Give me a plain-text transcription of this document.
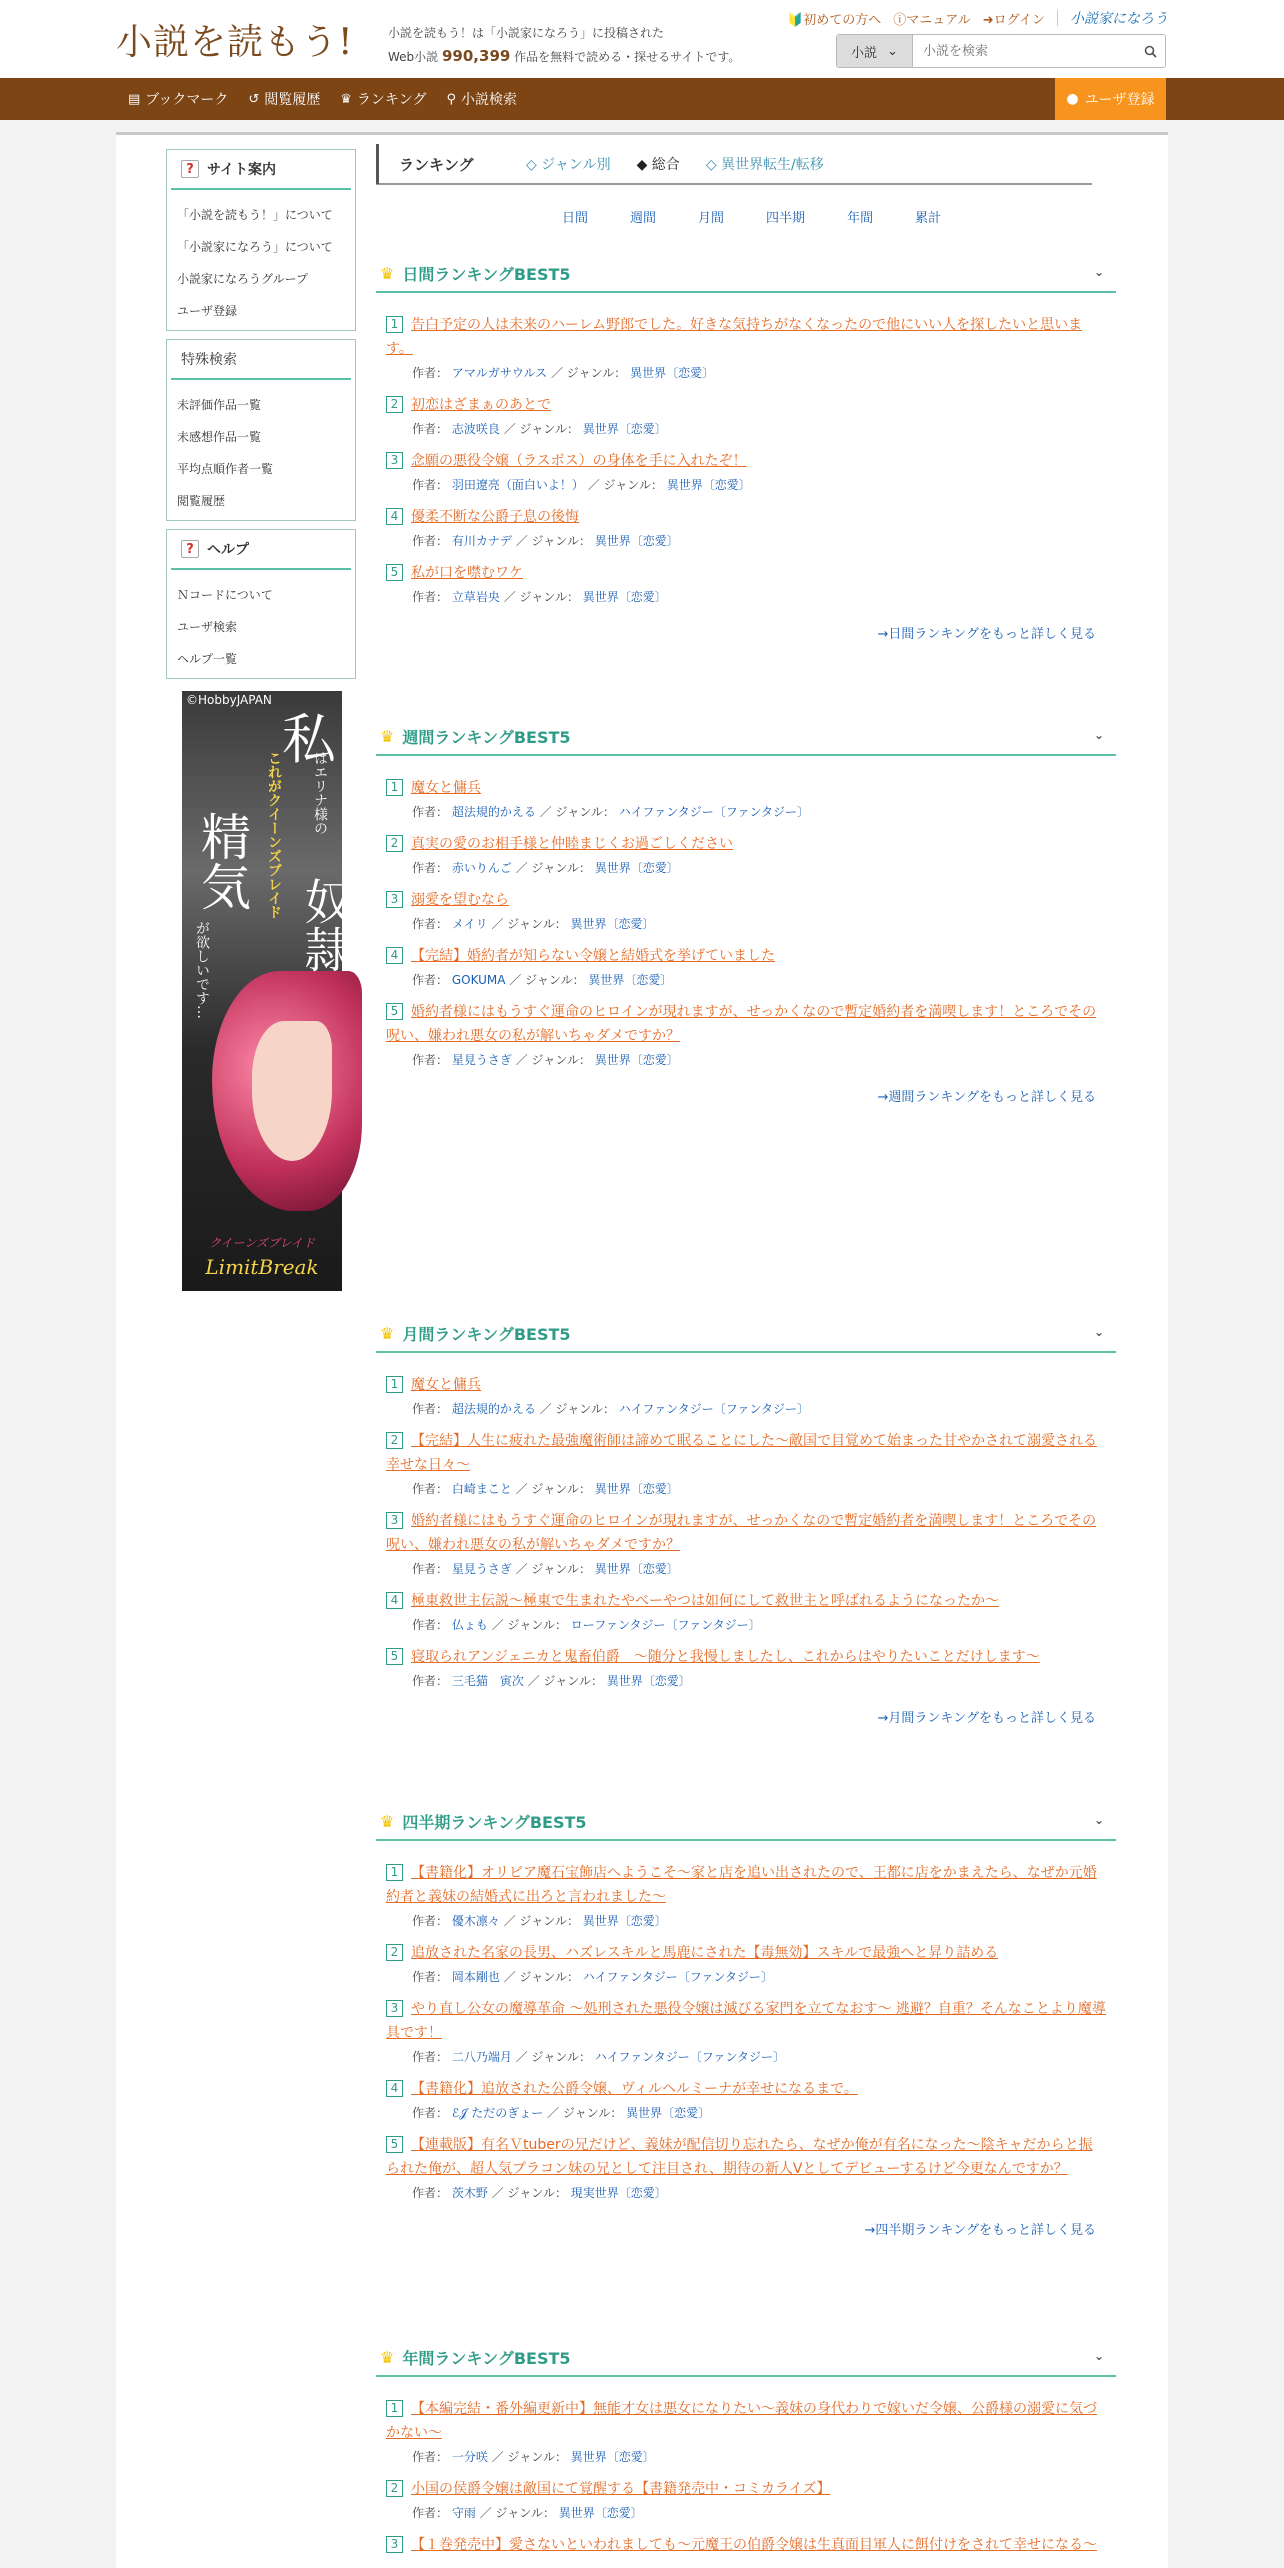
小説を読もう!	小説を読もう！は「小説家になろう」に投稿された
Web小説 990,399 作品を無料で読める・探せるサイトです。
🔰初めての方へ ⓘマニュアル ➜ログイン 小説家になろう
小説 ⌄
小説を検索
▤ ブックマーク ↺ 閲覧履歴 ♛ ランキング ⚲ 小説検索	● ユーザ登録
? サイト案内
「小説を読もう！」について
「小説家になろう」について
小説家になろうグループ
ユーザ登録
特殊検索
未評価作品一覧
未感想作品一覧
平均点順作者一覧
閲覧履歴
? ヘルプ
Ｎコードについて
ユーザ検索
ヘルプ一覧
©HobbyJAPAN
私
はエリナ様の
これがクイーンズブレイド
奴隷
精気
が欲しいです…
クイーンズブレイド
LimitBreak
ランキング	◇ ジャンル別 ◆ 総合 ◇ 異世界転生/転移
日間	週間	月間	四半期	年間	累計
♛ 日間ランキングBEST5	⌄
1 告白予定の人は未来のハーレム野郎でした。好きな気持ちがなくなったので他にいい人を探したいと思います。
作者： アマルガサウルス ／ ジャンル： 異世界〔恋愛〕
2 初恋はざまぁのあとで
作者： 志波咲良 ／ ジャンル： 異世界〔恋愛〕
3 念願の悪役令嬢（ラスボス）の身体を手に入れたぞ！
作者： 羽田遼亮（面白いよ！） ／ ジャンル： 異世界〔恋愛〕
4 優柔不断な公爵子息の後悔
作者： 有川カナデ ／ ジャンル： 異世界〔恋愛〕
5 私が口を噤むワケ
作者： 立草岩央 ／ ジャンル： 異世界〔恋愛〕
→日間ランキングをもっと詳しく見る
♛ 週間ランキングBEST5	⌄
1 魔女と傭兵
作者： 超法規的かえる ／ ジャンル： ハイファンタジー〔ファンタジー〕
2 真実の愛のお相手様と仲睦まじくお過ごしください
作者： 赤いりんご ／ ジャンル： 異世界〔恋愛〕
3 溺愛を望むなら
作者： メイリ ／ ジャンル： 異世界〔恋愛〕
4 【完結】婚約者が知らない令嬢と結婚式を挙げていました
作者： GOKUMA ／ ジャンル： 異世界〔恋愛〕
5 婚約者様にはもうすぐ運命のヒロインが現れますが、せっかくなので暫定婚約者を満喫します！ところでその呪い、嫌われ悪女の私が解いちゃダメですか？
作者： 星見うさぎ ／ ジャンル： 異世界〔恋愛〕
→週間ランキングをもっと詳しく見る
♛ 月間ランキングBEST5	⌄
1 魔女と傭兵
作者： 超法規的かえる ／ ジャンル： ハイファンタジー〔ファンタジー〕
2 【完結】人生に疲れた最強魔術師は諦めて眠ることにした〜敵国で目覚めて始まった甘やかされて溺愛される幸せな日々〜
作者： 白崎まこと ／ ジャンル： 異世界〔恋愛〕
3 婚約者様にはもうすぐ運命のヒロインが現れますが、せっかくなので暫定婚約者を満喫します！ところでその呪い、嫌われ悪女の私が解いちゃダメですか？
作者： 星見うさぎ ／ ジャンル： 異世界〔恋愛〕
4 極東救世主伝説～極東で生まれたやべーやつは如何にして救世主と呼ばれるようになったか～
作者： 仏ょも ／ ジャンル： ローファンタジー〔ファンタジー〕
5 寝取られアンジェニカと鬼畜伯爵　～随分と我慢しましたし、これからはやりたいことだけします～
作者： 三毛猫　寅次 ／ ジャンル： 異世界〔恋愛〕
→月間ランキングをもっと詳しく見る
♛ 四半期ランキングBEST5	⌄
1 【書籍化】オリビア魔石宝飾店へようこそ～家と店を追い出されたので、王都に店をかまえたら、なぜか元婚約者と義妹の結婚式に出ろと言われました～
作者： 優木凛々 ／ ジャンル： 異世界〔恋愛〕
2 追放された名家の長男、ハズレスキルと馬鹿にされた【毒無効】スキルで最強へと昇り詰める
作者： 岡本剛也 ／ ジャンル： ハイファンタジー〔ファンタジー〕
3 やり直し公女の魔導革命 〜処刑された悪役令嬢は滅びる家門を立てなおす〜 逃避？自重？そんなことより魔導具です！
作者： 二八乃端月 ／ ジャンル： ハイファンタジー〔ファンタジー〕
4 【書籍化】追放された公爵令嬢、ヴィルヘルミーナが幸せになるまで。
作者： ℰ𝒥 ただのぎょー ／ ジャンル： 異世界〔恋愛〕
5 【連載版】有名Ｖtuberの兄だけど、義妹が配信切り忘れたら、なぜか俺が有名になった～陰キャだからと振られた俺が、超人気ブラコン妹の兄として注目され、期待の新人Vとしてデビューするけど今更なんですか？
作者： 茨木野 ／ ジャンル： 現実世界〔恋愛〕
→四半期ランキングをもっと詳しく見る
♛ 年間ランキングBEST5	⌄
1 【本編完結・番外編更新中】無能才女は悪女になりたい～義妹の身代わりで嫁いだ令嬢、公爵様の溺愛に気づかない～
作者： 一分咲 ／ ジャンル： 異世界〔恋愛〕
2 小国の侯爵令嬢は敵国にて覚醒する【書籍発売中・コミカライズ】
作者： 守雨 ／ ジャンル： 異世界〔恋愛〕
3 【１巻発売中】愛さないといわれましても～元魔王の伯爵令嬢は生真面目軍人に餌付けをされて幸せになる～
